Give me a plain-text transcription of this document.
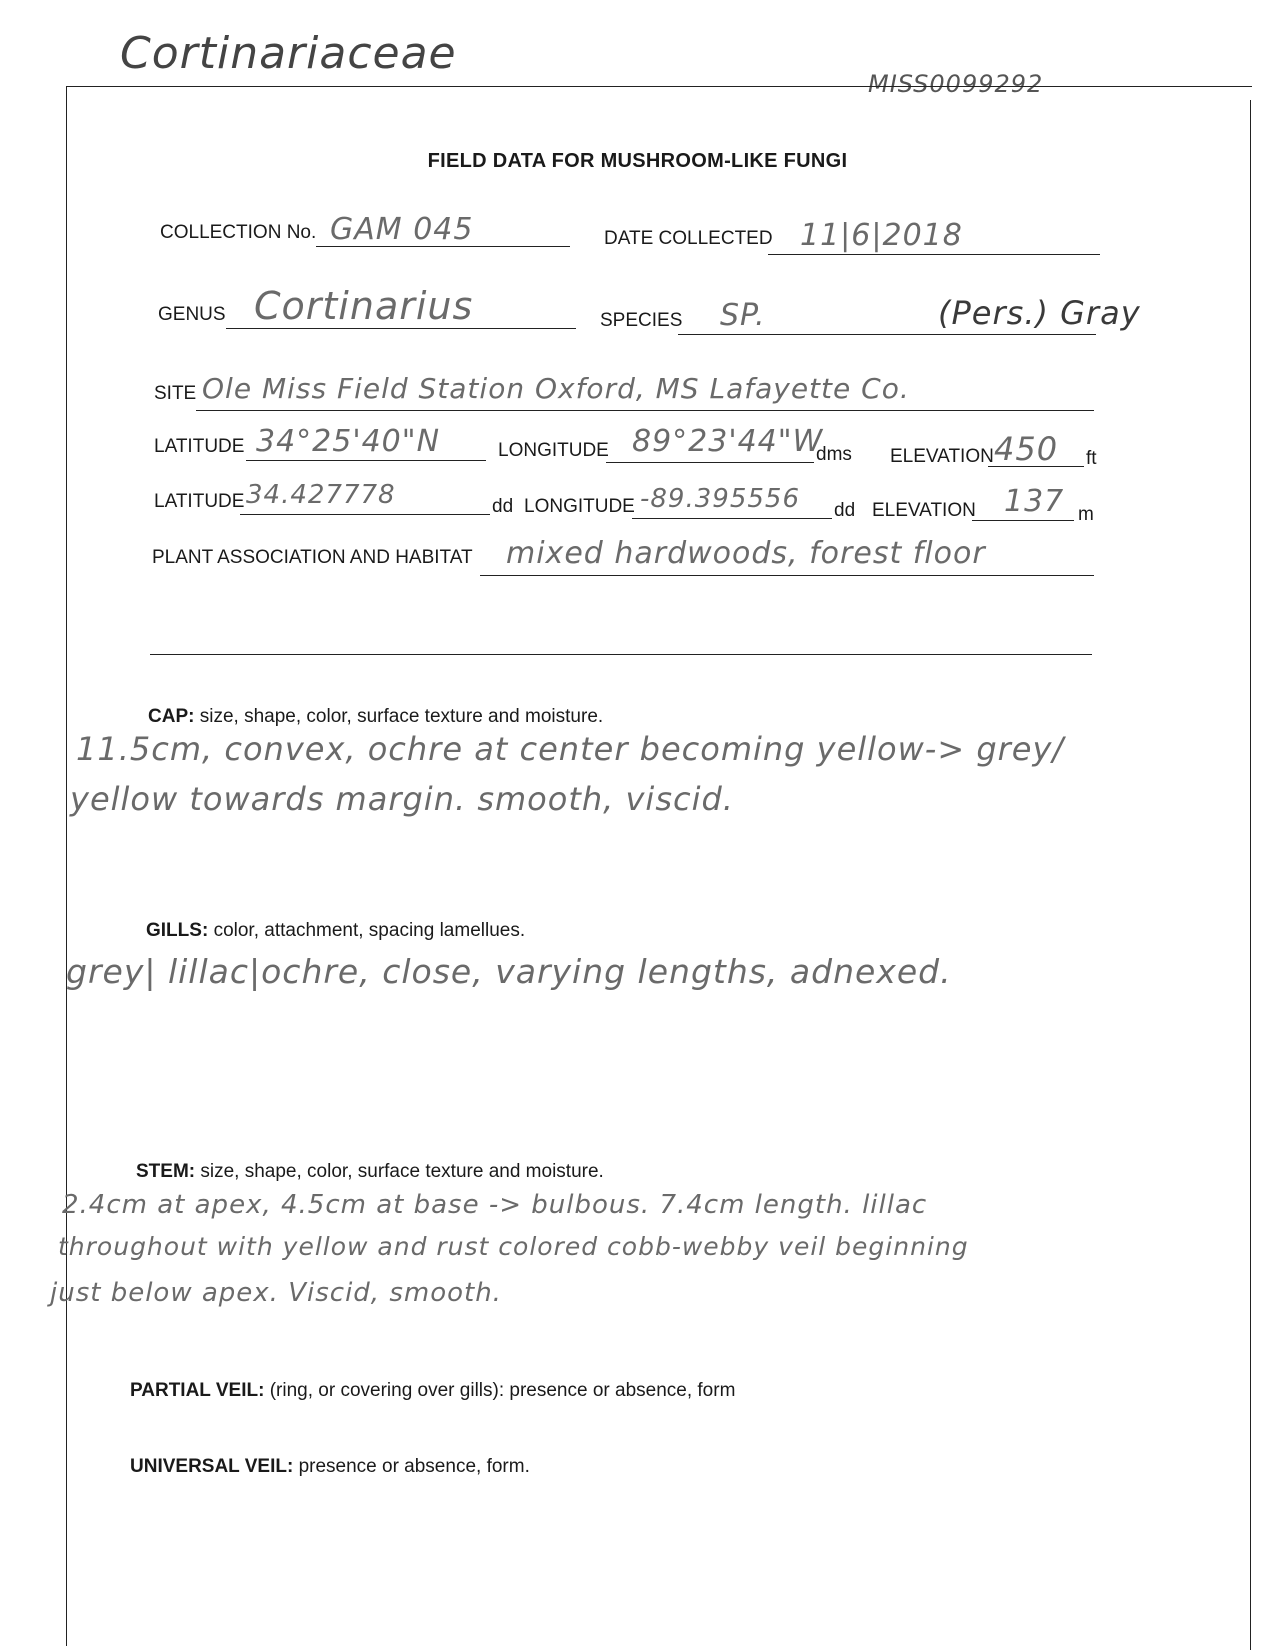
Cortinariaceae
MISS0099292
FIELD DATA FOR MUSHROOM-LIKE FUNGI
COLLECTION No. GAM 045	DATE COLLECTED 11|6|2018
GENUS Cortinarius	SPECIES SP.	(Pers.) Gray
SITE Ole Miss Field Station Oxford, MS Lafayette Co.
LATITUDE 34°25'40"N	LONGITUDE 89°23'44"W
dms ELEVATION 450 ft
LATITUDE 34.427778	dd LONGITUDE -89.395556 dd ELEVATION 137 m
PLANT ASSOCIATION AND HABITAT mixed hardwoods, forest floor
CAP: size, shape, color, surface texture and moisture.
11.5cm, convex, ochre at center becoming yellow-> grey/
yellow towards margin. smooth, viscid.
GILLS: color, attachment, spacing lamellues.
grey| lillac|ochre, close, varying lengths, adnexed.
STEM: size, shape, color, surface texture and moisture.
2.4cm at apex, 4.5cm at base -> bulbous. 7.4cm length. lillac
throughout with yellow and rust colored cobb-webby veil beginning
just below apex. Viscid, smooth.
PARTIAL VEIL: (ring, or covering over gills): presence or absence, form
UNIVERSAL VEIL: presence or absence, form.
